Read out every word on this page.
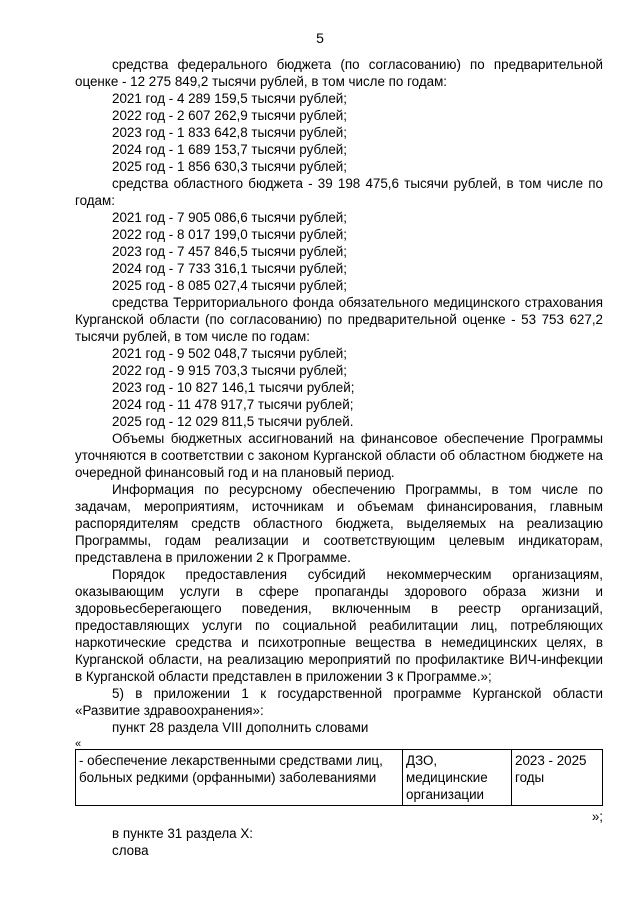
5

средства федерального бюджета (по согласованию) по предварительной оценке - 12 275 849,2 тысячи рублей, в том числе по годам:

2021 год - 4 289 159,5 тысячи рублей;

2022 год - 2 607 262,9 тысячи рублей;

2023 год - 1 833 642,8 тысячи рублей;

2024 год - 1 689 153,7 тысячи рублей;

2025 год - 1 856 630,3 тысячи рублей;

средства областного бюджета - 39 198 475,6 тысячи рублей, в том числе по годам:

2021 год - 7 905 086,6 тысячи рублей;

2022 год - 8 017 199,0 тысячи рублей;

2023 год - 7 457 846,5 тысячи рублей;

2024 год - 7 733 316,1 тысячи рублей;

2025 год - 8 085 027,4 тысячи рублей;

средства Территориального фонда обязательного медицинского страхования Курганской области (по согласованию) по предварительной оценке - 53 753 627,2 тысячи рублей, в том числе по годам:

2021 год - 9 502 048,7 тысячи рублей;

2022 год - 9 915 703,3 тысячи рублей;

2023 год - 10 827 146,1 тысячи рублей;

2024 год - 11 478 917,7 тысячи рублей;

2025 год - 12 029 811,5 тысячи рублей.

Объемы бюджетных ассигнований на финансовое обеспечение Программы уточняются в соответствии с законом Курганской области об областном бюджете на очередной финансовый год и на плановый период.

Информация по ресурсному обеспечению Программы, в том числе по задачам, мероприятиям, источникам и объемам финансирования, главным распорядителям средств областного бюджета, выделяемых на реализацию Программы, годам реализации и соответствующим целевым индикаторам, представлена в приложении 2 к Программе.

Порядок предоставления субсидий некоммерческим организациям, оказывающим услуги в сфере пропаганды здорового образа жизни и здоровьесберегающего поведения, включенным в реестр организаций, предоставляющих услуги по социальной реабилитации лиц, потребляющих наркотические средства и психотропные вещества в немедицинских целях, в Курганской области, на реализацию мероприятий по профилактике ВИЧ-инфекции в Курганской области представлен в приложении 3 к Программе.»;

5) в приложении 1 к государственной программе Курганской области «Развитие здравоохранения»:

пункт 28 раздела VIII дополнить словами

«

- обеспечение лекарственными средствами лиц, больных редкими (орфанными) заболеваниями	ДЗО, медицинские организации	2023 - 2025 годы

»;

в пункте 31 раздела X:

слова
